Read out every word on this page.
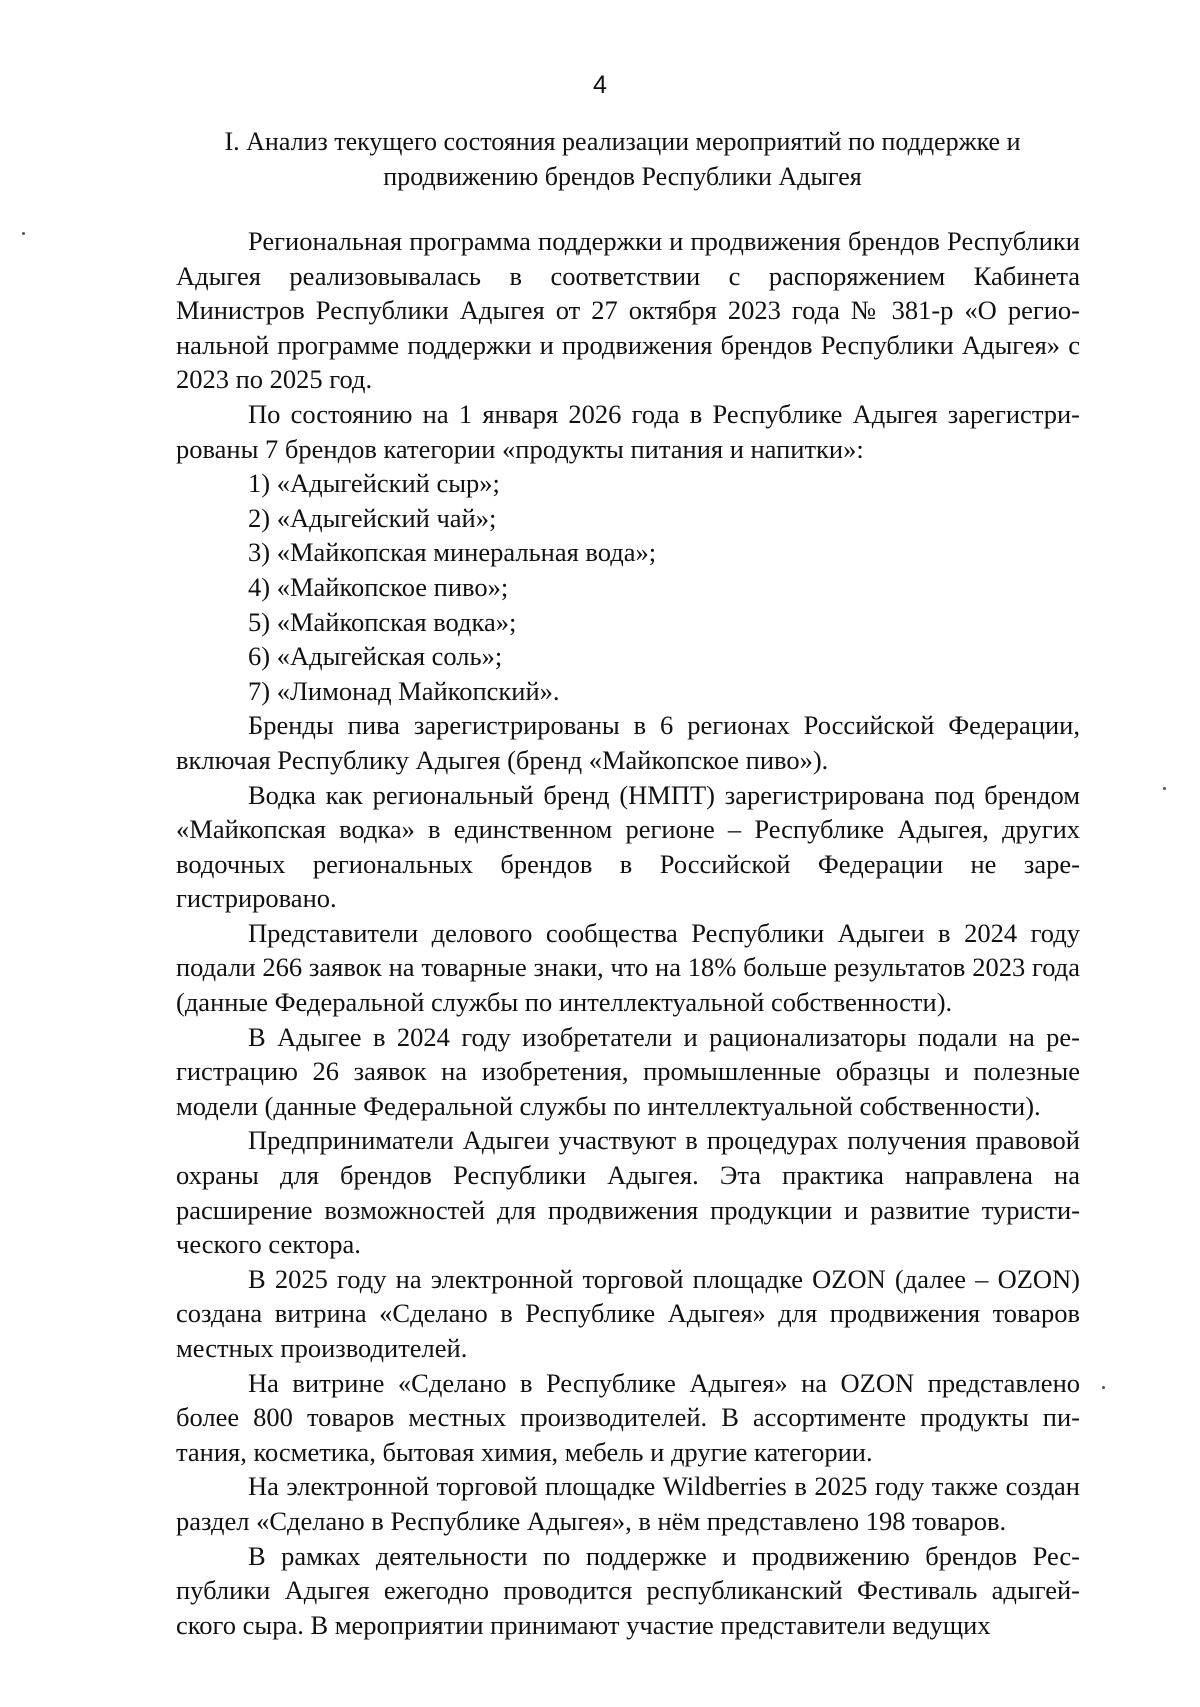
4
I. Анализ текущего состояния реализации мероприятий по поддержке и
продвижению брендов Республики Адыгея

Региональная программа поддержки и продвижения брендов Республики Адыгея реализовывалась в соответствии с распоряжением Кабинета Министров Республики Адыгея от 27 октября 2023 года № 381-р «О региональной программе поддержки и продвижения брендов Республики Адыгея» с 2023 по 2025 год.

По состоянию на 1 января 2026 года в Республике Адыгея зарегистрированы 7 брендов категории «продукты питания и напитки»:

1) «Адыгейский сыр»;
2) «Адыгейский чай»;
3) «Майкопская минеральная вода»;
4) «Майкопское пиво»;
5) «Майкопская водка»;
6) «Адыгейская соль»;
7) «Лимонад Майкопский».

Бренды пива зарегистрированы в 6 регионах Российской Федерации, включая Республику Адыгея (бренд «Майкопское пиво»).

Водка как региональный бренд (НМПТ) зарегистрирована под брендом «Майкопская водка» в единственном регионе – Республике Адыгея, других водочных региональных брендов в Российской Федерации не зарегистрировано.

Представители делового сообщества Республики Адыгеи в 2024 году подали 266 заявок на товарные знаки, что на 18% больше результатов 2023 года (данные Федеральной службы по интеллектуальной собственности).

В Адыгее в 2024 году изобретатели и рационализаторы подали на регистрацию 26 заявок на изобретения, промышленные образцы и полезные модели (данные Федеральной службы по интеллектуальной собственности).

Предприниматели Адыгеи участвуют в процедурах получения правовой охраны для брендов Республики Адыгея. Эта практика направлена на расширение возможностей для продвижения продукции и развитие туристического сектора.

В 2025 году на электронной торговой площадке OZON (далее – OZON) создана витрина «Сделано в Республике Адыгея» для продвижения товаров местных производителей.

На витрине «Сделано в Республике Адыгея» на OZON представлено более 800 товаров местных производителей. В ассортименте продукты питания, косметика, бытовая химия, мебель и другие категории.

На электронной торговой площадке Wildberries в 2025 году также создан раздел «Сделано в Республике Адыгея», в нём представлено 198 товаров.

В рамках деятельности по поддержке и продвижению брендов Республики Адыгея ежегодно проводится республиканский Фестиваль адыгейского сыра. В мероприятии принимают участие представители ведущих
